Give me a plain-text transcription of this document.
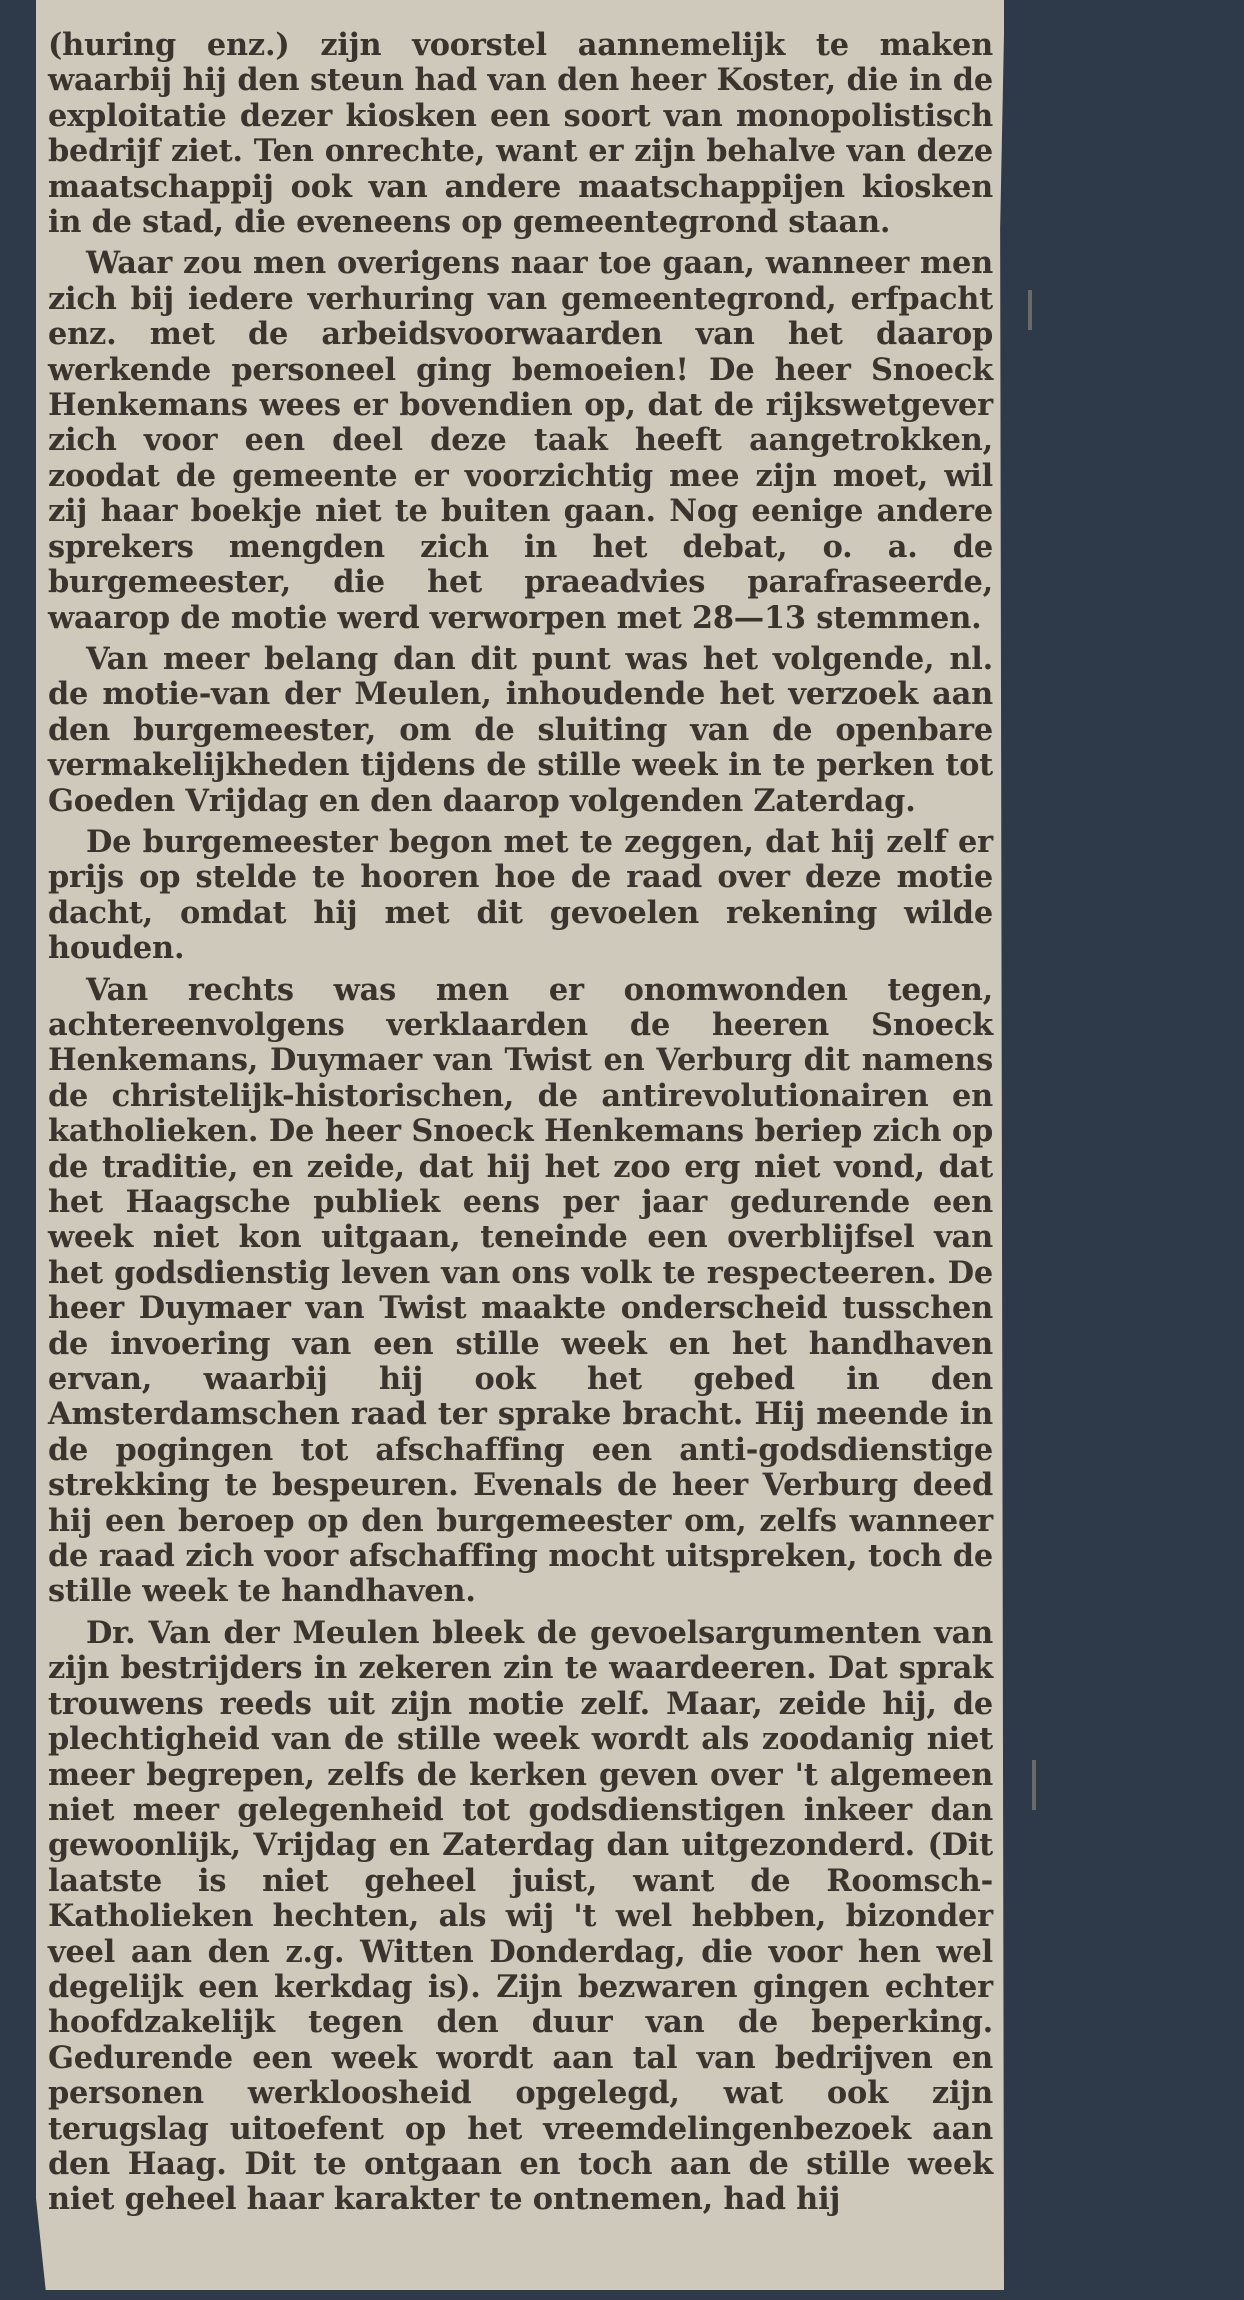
(huring enz.) zijn voorstel aannemelijk te maken waarbij hij den steun had van den heer Koster, die in de exploitatie dezer kiosken een soort van monopolistisch bedrijf ziet. Ten onrechte, want er zijn behalve van deze maatschappij ook van andere maatschappijen kiosken in de stad, die eveneens op gemeentegrond staan.

Waar zou men overigens naar toe gaan, wanneer men zich bij iedere verhuring van gemeentegrond, erfpacht enz. met de arbeidsvoorwaarden van het daarop werkende personeel ging bemoeien! De heer Snoeck Henkemans wees er bovendien op, dat de rijkswetgever zich voor een deel deze taak heeft aangetrokken, zoodat de gemeente er voorzichtig mee zijn moet, wil zij haar boekje niet te buiten gaan. Nog eenige andere sprekers mengden zich in het debat, o. a. de burgemeester, die het praeadvies parafraseerde, waarop de motie werd verworpen met 28—13 stemmen.

Van meer belang dan dit punt was het volgende, nl. de motie-van der Meulen, inhoudende het verzoek aan den burgemeester, om de sluiting van de openbare vermakelijkheden tijdens de stille week in te perken tot Goeden Vrijdag en den daarop volgenden Zaterdag.

De burgemeester begon met te zeggen, dat hij zelf er prijs op stelde te hooren hoe de raad over deze motie dacht, omdat hij met dit gevoelen rekening wilde houden.

Van rechts was men er onomwonden tegen, achtereenvolgens verklaarden de heeren Snoeck Henkemans, Duymaer van Twist en Verburg dit namens de christelijk-historischen, de antirevolutionairen en katholieken. De heer Snoeck Henkemans beriep zich op de traditie, en zeide, dat hij het zoo erg niet vond, dat het Haagsche publiek eens per jaar gedurende een week niet kon uitgaan, teneinde een overblijfsel van het godsdienstig leven van ons volk te respecteeren. De heer Duymaer van Twist maakte onderscheid tusschen de invoering van een stille week en het handhaven ervan, waarbij hij ook het gebed in den Amsterdamschen raad ter sprake bracht. Hij meende in de pogingen tot afschaffing een anti-godsdienstige strekking te bespeuren. Evenals de heer Verburg deed hij een beroep op den burgemeester om, zelfs wanneer de raad zich voor afschaffing mocht uitspreken, toch de stille week te handhaven.

Dr. Van der Meulen bleek de gevoelsargumenten van zijn bestrijders in zekeren zin te waardeeren. Dat sprak trouwens reeds uit zijn motie zelf. Maar, zeide hij, de plechtigheid van de stille week wordt als zoodanig niet meer begrepen, zelfs de kerken geven over 't algemeen niet meer gelegenheid tot godsdienstigen inkeer dan gewoonlijk, Vrijdag en Zaterdag dan uitgezonderd. (Dit laatste is niet geheel juist, want de Roomsch-Katholieken hechten, als wij 't wel hebben, bizonder veel aan den z.g. Witten Donderdag, die voor hen wel degelijk een kerkdag is). Zijn bezwaren gingen echter hoofdzakelijk tegen den duur van de beperking. Gedurende een week wordt aan tal van bedrijven en personen werkloosheid opgelegd, wat ook zijn terugslag uitoefent op het vreemdelingenbezoek aan den Haag. Dit te ontgaan en toch aan de stille week niet geheel haar karakter te ontnemen, had hij
